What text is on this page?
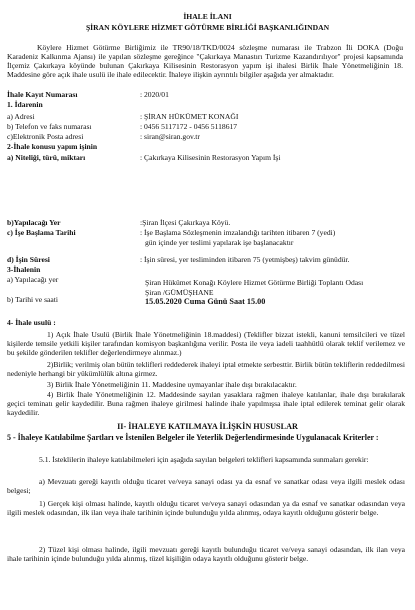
İHALE İLANI
ŞİRAN KÖYLERE HİZMET GÖTÜRME BİRLİĞİ BAŞKANLIĞINDAN
Köylere Hizmet Götürme Birliğimiz ile TR90/18/TKD/0024 sözleşme numarası ile Trabzon İli DOKA (Doğu Karadeniz Kalkınma Ajansı) ile yapılan sözleşme gereğince "Çakırkaya Manastırı Turizme Kazandırılıyor" projesi kapsamında İlçemiz Çakırkaya köyünde bulunan Çakırkaya Kilisesinin Restorasyon yapım işi ihalesi Birlik İhale Yönetmeliğinin 18. Maddesine göre açık ihale usulü ile ihale edilecektir. İhaleye ilişkin ayrıntılı bilgiler aşağıda yer almaktadır.
İhale Kayıt Numarası	: 2020/01
1. İdarenin
a) Adresi	: ŞİRAN HÜKÜMET KONAĞI
b) Telefon ve faks numarası	: 0456 5117172 - 0456 5118617
c)Elektronik Posta adresi	: siran@siran.gov.tr
2-İhale konusu yapım işinin
a) Niteliği, türü, miktarı	: Çakırkaya Kilisesinin Restorasyon Yapım İşi
b)Yapılacağı Yer	:Şiran İlçesi Çakırkaya Köyü.
c) İşe Başlama Tarihi	: İşe Başlama Sözleşmenin imzalandığı tarihten itibaren 7 (yedi)
gün içinde yer teslimi yapılarak işe başlanacaktır
d) İşin Süresi	: İşin süresi, yer tesliminden itibaren 75 (yetmişbeş) takvim günüdür.
3-İhalenin
a) Yapılacağı yer	Şiran Hükümet Konağı Köylere Hizmet Götürme Birliği Toplantı Odası
Şiran /GÜMÜŞHANE
b) Tarihi ve saati	15.05.2020 Cuma Günü Saat 15.00
4- İhale usulü :
1) Açık İhale Usulü (Birlik İhale Yönetmeliğinin 18.maddesi) (Teklifler bizzat istekli, kanuni temsilcileri ve tüzel kişilerde temsile yetkili kişiler tarafından komisyon başkanlığına verilir. Posta ile veya iadeli taahhütlü olarak teklif verilemez ve bu şekilde gönderilen teklifler değerlendirmeye alınmaz.)
2)Birlik; verilmiş olan bütün teklifleri reddederek ihaleyi iptal etmekte serbesttir. Birlik bütün tekliflerin reddedilmesi nedeniyle herhangi bir yükümlülük altına girmez.
3) Birlik İhale Yönetmeliğinin 11. Maddesine uymayanlar ihale dışı bırakılacaktır.
4) Birlik İhale Yönetmeliğinin 12. Maddesinde sayılan yasaklara rağmen ihaleye katılanlar, ihale dışı bırakılarak geçici teminatı gelir kaydedilir. Buna rağmen ihaleye girilmesi halinde ihale yapılmışsa ihale iptal edilerek teminat gelir olarak kaydedilir.
II- İHALEYE KATILMAYA İLİŞKİN HUSUSLAR
5 - İhaleye Katılabilme Şartları ve İstenilen Belgeler ile Yeterlik Değerlendirmesinde Uygulanacak Kriterler :
5.1. İsteklilerin ihaleye katılabilmeleri için aşağıda sayılan belgeleri teklifleri kapsamında sunmaları gerekir:
a) Mevzuatı gereği kayıtlı olduğu ticaret ve/veya sanayi odası ya da esnaf ve sanatkar odası veya ilgili meslek odası belgesi;
1) Gerçek kişi olması halinde, kayıtlı olduğu ticaret ve/veya sanayi odasından ya da esnaf ve sanatkar odasından veya ilgili meslek odasından, ilk ilan veya ihale tarihinin içinde bulunduğu yılda alınmış, odaya kayıtlı olduğunu gösterir belge.
2) Tüzel kişi olması halinde, ilgili mevzuatı gereği kayıtlı bulunduğu ticaret ve/veya sanayi odasından, ilk ilan veya ihale tarihinin içinde bulunduğu yılda alınmış, tüzel kişiliğin odaya kayıtlı olduğunu gösterir belge.
